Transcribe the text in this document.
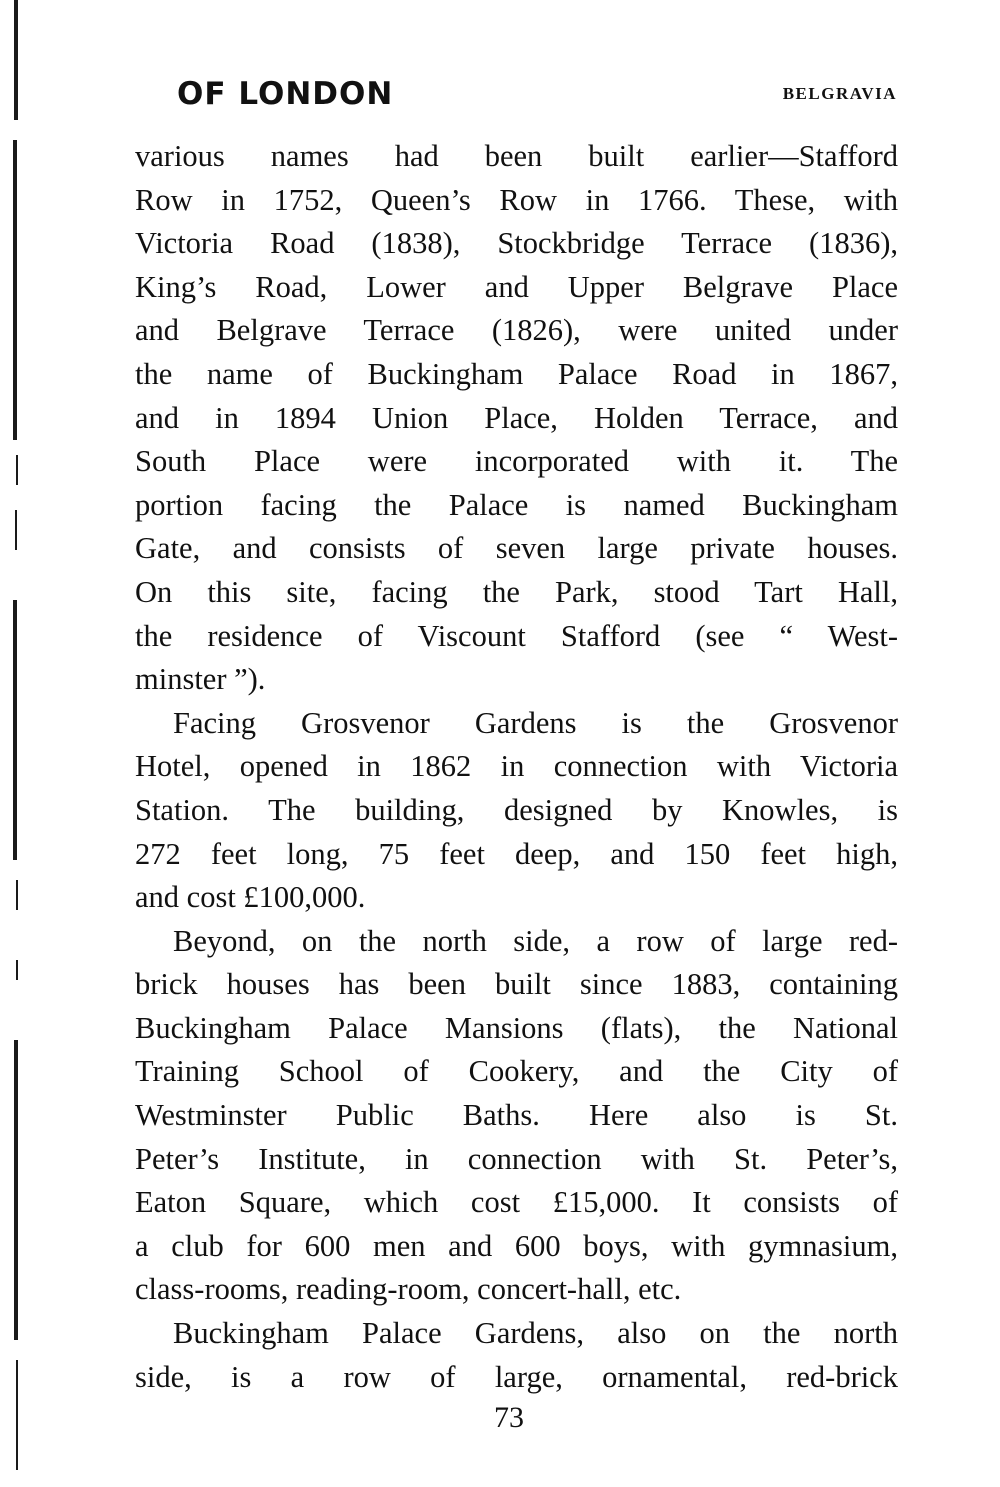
OF LONDON	BELGRAVIA
various names had been built earlier—Stafford
Row in 1752, Queen’s Row in 1766. These, with
Victoria Road (1838), Stockbridge Terrace (1836),
King’s Road, Lower and Upper Belgrave Place
and Belgrave Terrace (1826), were united under
the name of Buckingham Palace Road in 1867,
and in 1894 Union Place, Holden Terrace, and
South Place were incorporated with it. The
portion facing the Palace is named Buckingham
Gate, and consists of seven large private houses.
On this site, facing the Park, stood Tart Hall,
the residence of Viscount Stafford (see “ West-
minster ”).
Facing Grosvenor Gardens is the Grosvenor
Hotel, opened in 1862 in connection with Victoria
Station. The building, designed by Knowles, is
272 feet long, 75 feet deep, and 150 feet high,
and cost £100,000.
Beyond, on the north side, a row of large red-
brick houses has been built since 1883, containing
Buckingham Palace Mansions (flats), the National
Training School of Cookery, and the City of
Westminster Public Baths. Here also is St.
Peter’s Institute, in connection with St. Peter’s,
Eaton Square, which cost £15,000. It consists of
a club for 600 men and 600 boys, with gymnasium,
class-rooms, reading-room, concert-hall, etc.
Buckingham Palace Gardens, also on the north
side, is a row of large, ornamental, red-brick
73
